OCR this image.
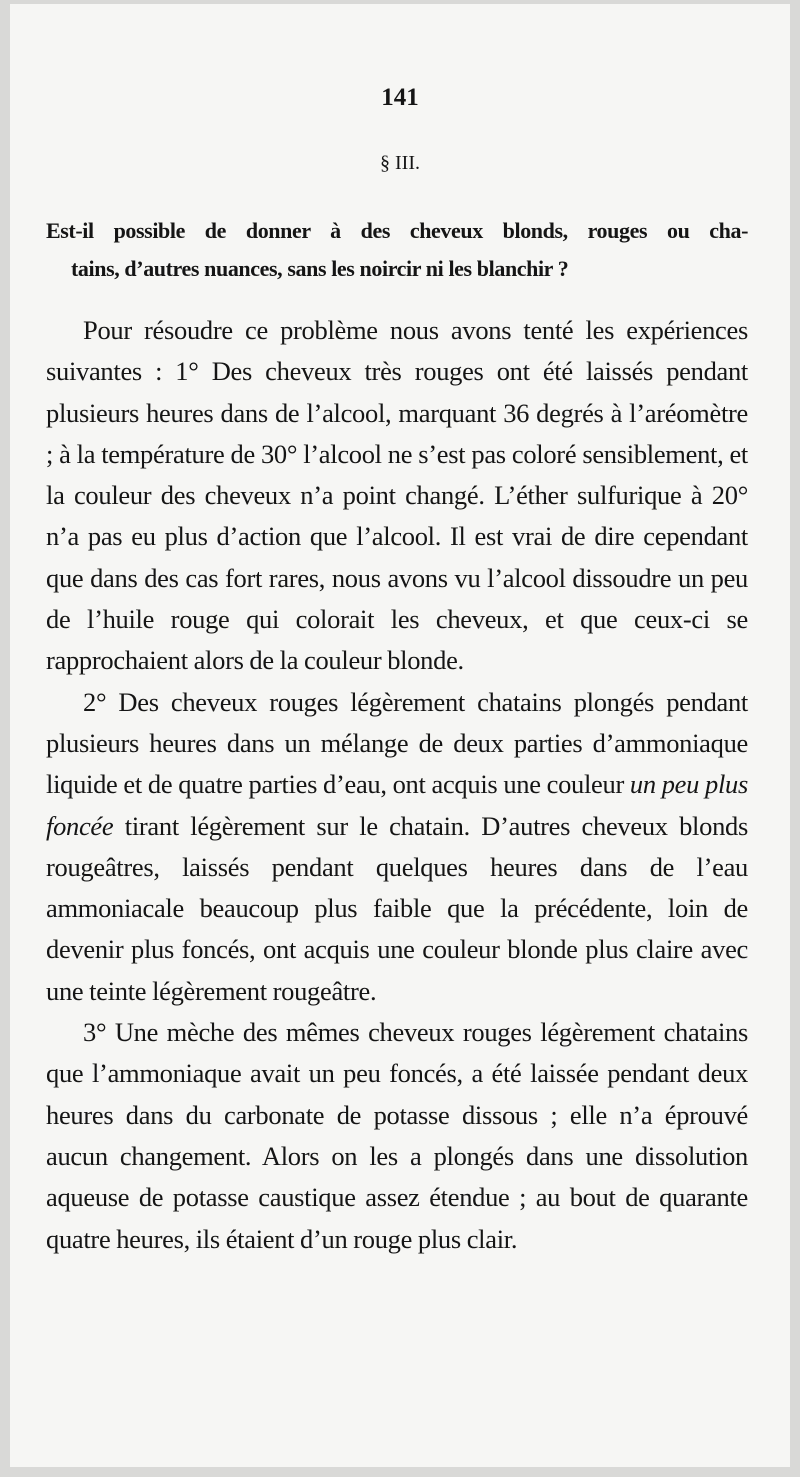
141
§ III.
Est-il possible de donner à des cheveux blonds, rouges ou cha-
tains, d’autres nuances, sans les noircir ni les blanchir ?

Pour résoudre ce problème nous avons tenté les expériences suivantes : 1° Des cheveux très rouges ont été laissés pendant plusieurs heures dans de l’alcool, marquant 36 degrés à l’aréomètre ; à la température de 30° l’alcool ne s’est pas coloré sensiblement, et la couleur des cheveux n’a point changé. L’éther sulfurique à 20° n’a pas eu plus d’action que l’alcool. Il est vrai de dire cependant que dans des cas fort rares, nous avons vu l’alcool dissoudre un peu de l’huile rouge qui colorait les cheveux, et que ceux-ci se rapprochaient alors de la couleur blonde.

2° Des cheveux rouges légèrement chatains plongés pendant plusieurs heures dans un mélange de deux parties d’ammoniaque liquide et de quatre parties d’eau, ont acquis une couleur un peu plus foncée tirant légèrement sur le chatain. D’autres cheveux blonds rougeâtres, laissés pendant quelques heures dans de l’eau ammoniacale beaucoup plus faible que la précédente, loin de devenir plus foncés, ont acquis une couleur blonde plus claire avec une teinte légèrement rougeâtre.

3° Une mèche des mêmes cheveux rouges légèrement chatains que l’ammoniaque avait un peu foncés, a été laissée pendant deux heures dans du carbonate de potasse dissous ; elle n’a éprouvé aucun changement. Alors on les a plongés dans une dissolution aqueuse de potasse caustique assez étendue ; au bout de quarante quatre heures, ils étaient d’un rouge plus clair.
